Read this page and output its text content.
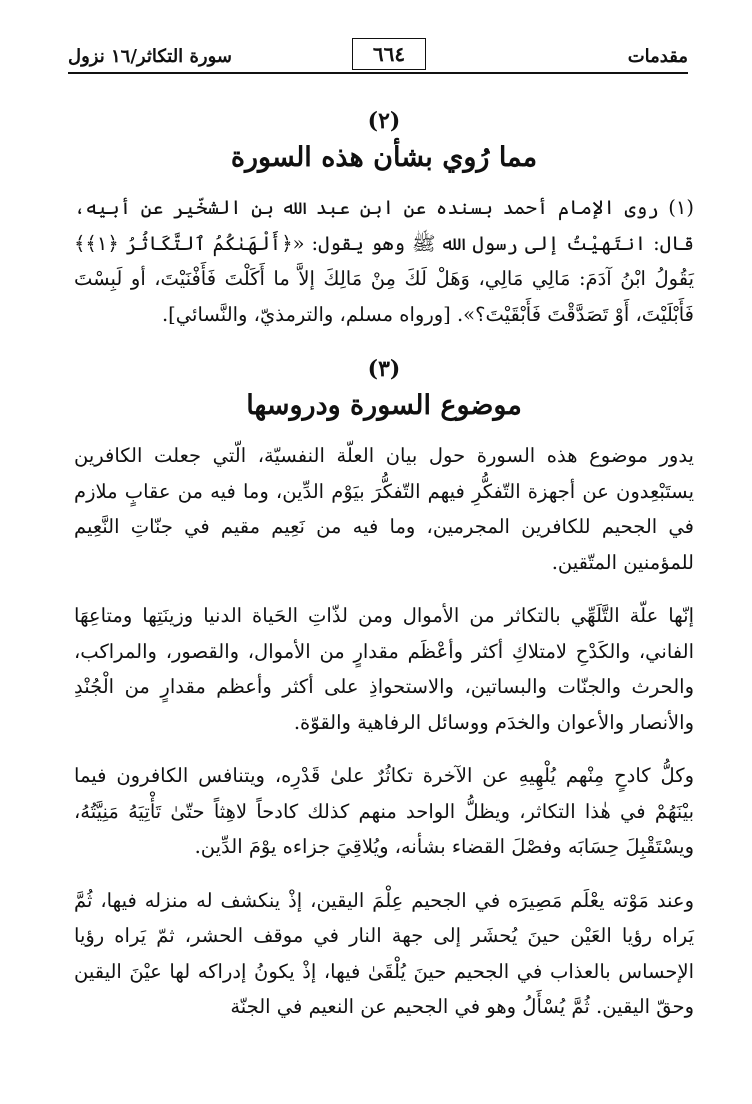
مقدمات
٦٦٤
سورة التكاثر/١٦ نزول
(٢)
مما رُوي بشأن هذه السورة

(١) روى الإمام أحمد بسنده عن ابن عبد الله بن الشخّير عن أبيه، قال: انتَهيْتُ إلى رسول الله ﷺ وهو يقول: «﴿أَلْهَىٰكُمُ ٱلتَّكَاثُرُ ﴿١﴾﴾ يَقُولُ ابْنُ آدَمَ: مَالِي مَالِي، وَهَلْ لَكَ مِنْ مَالِكَ إلاَّ ما أَكَلْتَ فَأَفْنَيْتَ، أو لَبِسْتَ فَأَبْلَيْتَ، أَوْ تَصَدَّقْتَ فَأَبْقَيْتَ؟». [ورواه مسلم، والترمذيّ، والنَّسائي].

(٣)
موضوع السورة ودروسها

يدور موضوع هذه السورة حول بيان العلّة النفسيّة، الّتي جعلت الكافرين يستَبْعِدون عن أجهزة التّفكُّرِ فيهم التّفكُّرَ بيَوْم الدِّين، وما فيه من عقابٍ ملازم في الجحيم للكافرين المجرمين، وما فيه من نَعِيم مقيم في جنّاتِ النَّعِيم للمؤمنين المتّقين.

إنّها علّة التَّلَهِّي بالتكاثر من الأموال ومن لذّاتِ الحَياة الدنيا وزينَتِها ومتاعِهَا الفاني، والكَدْحِ لامتلاكِ أكثر وأعْظَم مقدارٍ من الأموال، والقصور، والمراكب، والحرث والجنّات والبساتين، والاستحواذِ على أكثر وأعظم مقدارٍ من الْجُنْدِ والأنصار والأعوان والخدَم ووسائل الرفاهية والقوّة.

وكلُّ كادحٍ مِنْهم يُلْهِيهِ عن الآخرة تكاثُرٌ علىٰ قَدْرِه، ويتنافس الكافرون فيما بيْنَهُمْ في هٰذا التكاثر، ويظلُّ الواحد منهم كذلك كادحاً لاهِثاً حتّىٰ تَأْتِيَهُ مَنِيَّتُهُ، ويسْتَقْبِلَ حِسَابَه وفصْلَ القضاء بشأنه، ويُلاقِيَ جزاءه يوْمَ الدِّين.

وعند مَوْته يعْلَم مَصِيرَه في الجحيم عِلْمَ اليقين، إذْ ينكشف له منزله فيها، ثُمَّ يَراه رؤيا العَيْن حينَ يُحشَر إلى جهة النار في موقف الحشر، ثمّ يَراه رؤيا الإحساس بالعذاب في الجحيم حينَ يُلْقَىٰ فيها، إذْ يكونُ إدراكه لها عيْنَ اليقين وحقّ اليقين. ثُمَّ يُسْأَلُ وهو في الجحيم عن النعيم في الجنّة
